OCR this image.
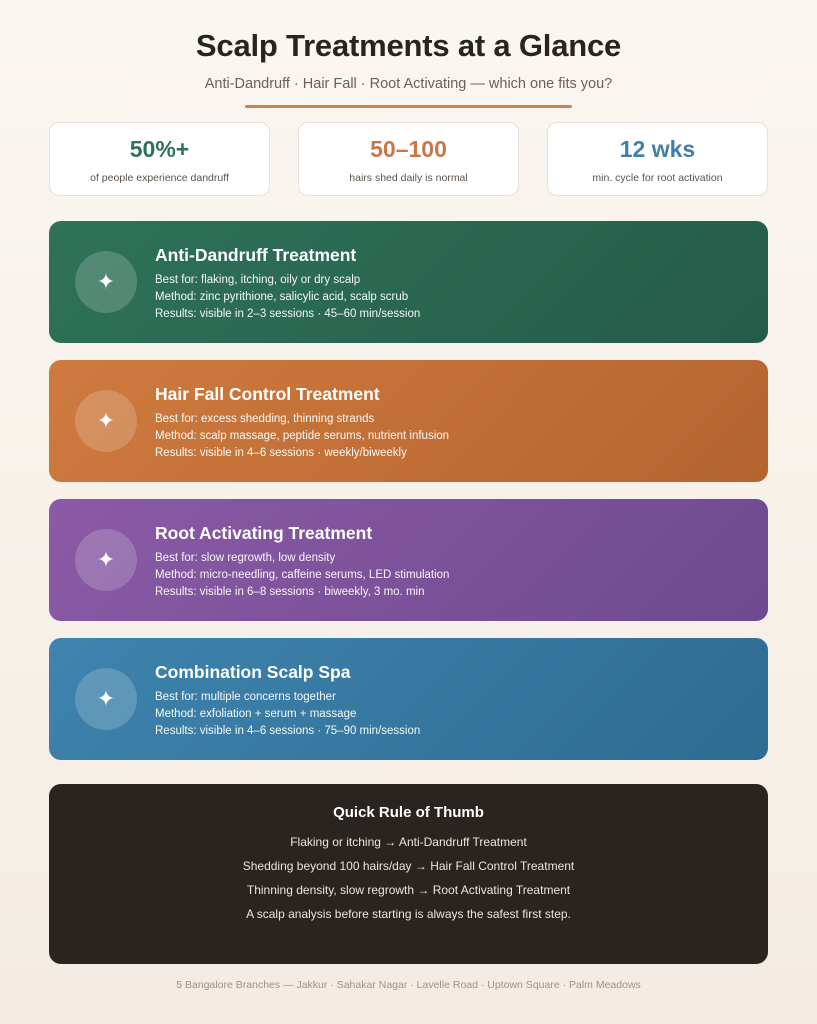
Scalp Treatments at a Glance

Anti-Dandruff · Hair Fall · Root Activating — which one fits you?

50%+
of people experience dandruff
50–100
hairs shed daily is normal
12 wks
min. cycle for root activation
✦
Anti-Dandruff Treatment
Best for: flaking, itching, oily or dry scalp
Method: zinc pyrithione, salicylic acid, scalp scrub
Results: visible in 2–3 sessions · 45–60 min/session
✦
Hair Fall Control Treatment
Best for: excess shedding, thinning strands
Method: scalp massage, peptide serums, nutrient infusion
Results: visible in 4–6 sessions · weekly/biweekly
✦
Root Activating Treatment
Best for: slow regrowth, low density
Method: micro-needling, caffeine serums, LED stimulation
Results: visible in 6–8 sessions · biweekly, 3 mo. min
✦
Combination Scalp Spa
Best for: multiple concerns together
Method: exfoliation + serum + massage
Results: visible in 4–6 sessions · 75–90 min/session
Quick Rule of Thumb
Flaking or itching → Anti-Dandruff Treatment
Shedding beyond 100 hairs/day → Hair Fall Control Treatment
Thinning density, slow regrowth → Root Activating Treatment
A scalp analysis before starting is always the safest first step.
5 Bangalore Branches — Jakkur · Sahakar Nagar · Lavelle Road · Uptown Square · Palm Meadows
